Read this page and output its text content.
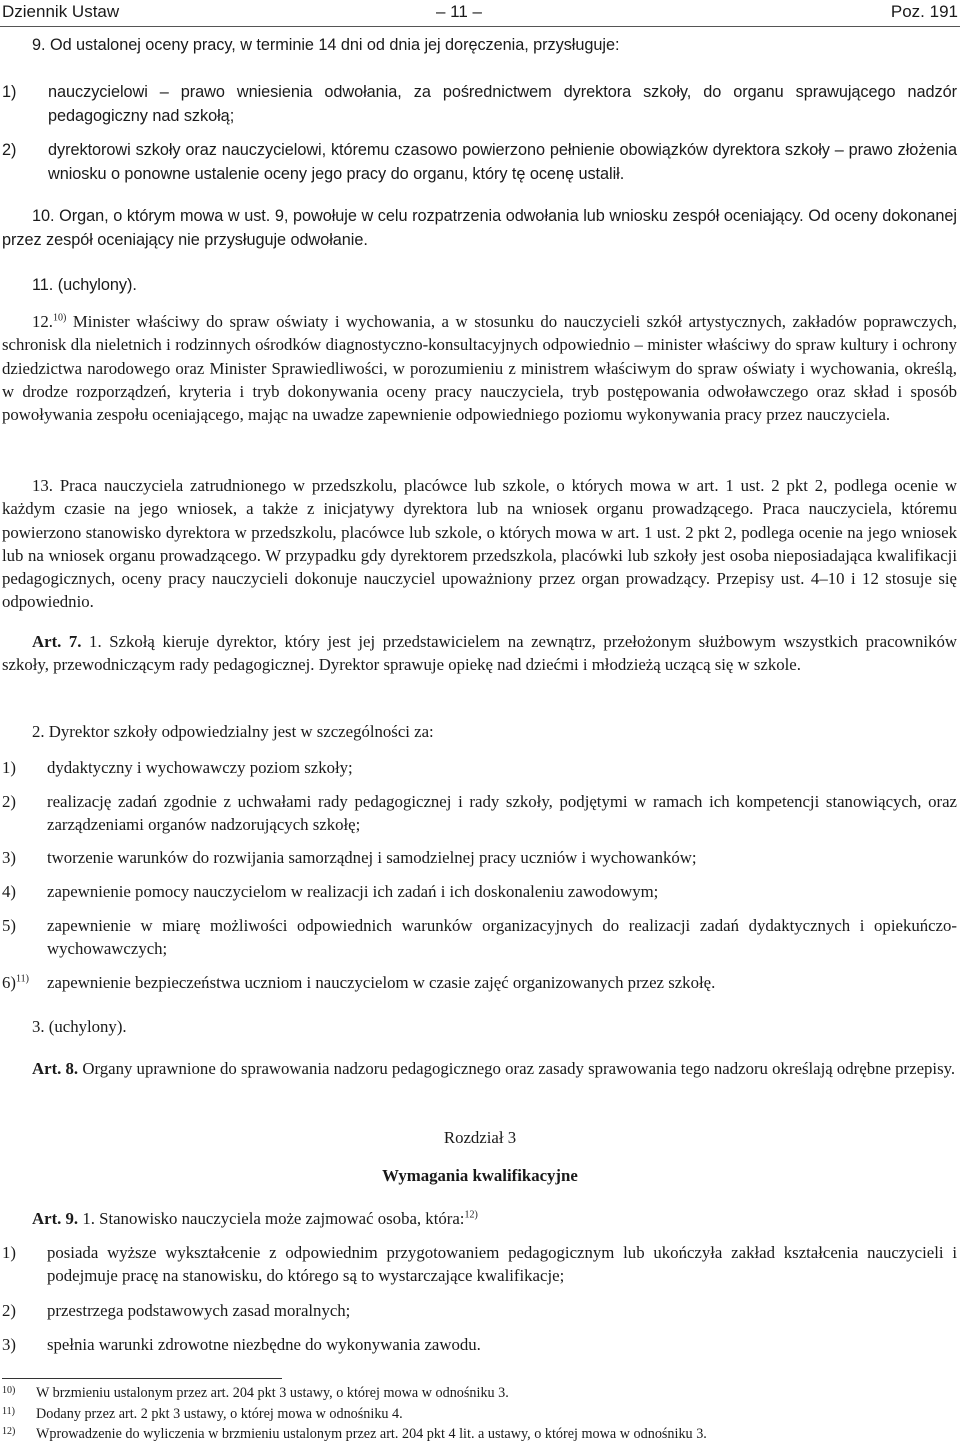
Dziennik Ustaw	– 11 –	Poz. 191
9. Od ustalonej oceny pracy, w terminie 14 dni od dnia jej doręczenia, przysługuje:
1) nauczycielowi – prawo wniesienia odwołania, za pośrednictwem dyrektora szkoły, do organu sprawującego nadzór pedagogiczny nad szkołą;
2) dyrektorowi szkoły oraz nauczycielowi, któremu czasowo powierzono pełnienie obowiązków dyrektora szkoły – prawo złożenia wniosku o ponowne ustalenie oceny jego pracy do organu, który tę ocenę ustalił.
10. Organ, o którym mowa w ust. 9, powołuje w celu rozpatrzenia odwołania lub wniosku zespół oceniający. Od oceny dokonanej przez zespół oceniający nie przysługuje odwołanie.
11. (uchylony).
12.$^{10)}$ Minister właściwy do spraw oświaty i wychowania, a w stosunku do nauczycieli szkół artystycznych, zakładów poprawczych, schronisk dla nieletnich i rodzinnych ośrodków diagnostyczno-konsultacyjnych odpowiednio – minister właściwy do spraw kultury i ochrony dziedzictwa narodowego oraz Minister Sprawiedliwości, w porozumieniu z ministrem właściwym do spraw oświaty i wychowania, określą, w drodze rozporządzeń, kryteria i tryb dokonywania oceny pracy nauczyciela, tryb postępowania odwoławczego oraz skład i sposób powoływania zespołu oceniającego, mając na uwadze zapewnienie odpowiedniego poziomu wykonywania pracy przez nauczyciela.
13. Praca nauczyciela zatrudnionego w przedszkolu, placówce lub szkole, o których mowa w art. 1 ust. 2 pkt 2, podlega ocenie w każdym czasie na jego wniosek, a także z inicjatywy dyrektora lub na wniosek organu prowadzącego. Praca nauczyciela, któremu powierzono stanowisko dyrektora w przedszkolu, placówce lub szkole, o których mowa w art. 1 ust. 2 pkt 2, podlega ocenie na jego wniosek lub na wniosek organu prowadzącego. W przypadku gdy dyrektorem przedszkola, placówki lub szkoły jest osoba nieposiadająca kwalifikacji pedagogicznych, oceny pracy nauczycieli dokonuje nauczyciel upoważniony przez organ prowadzący. Przepisy ust. 4–10 i 12 stosuje się odpowiednio.
Art. 7. 1. Szkołą kieruje dyrektor, który jest jej przedstawicielem na zewnątrz, przełożonym służbowym wszystkich pracowników szkoły, przewodniczącym rady pedagogicznej. Dyrektor sprawuje opiekę nad dziećmi i młodzieżą uczącą się w szkole.
2. Dyrektor szkoły odpowiedzialny jest w szczególności za:
1) dydaktyczny i wychowawczy poziom szkoły;
2) realizację zadań zgodnie z uchwałami rady pedagogicznej i rady szkoły, podjętymi w ramach ich kompetencji stanowiących, oraz zarządzeniami organów nadzorujących szkołę;
3) tworzenie warunków do rozwijania samorządnej i samodzielnej pracy uczniów i wychowanków;
4) zapewnienie pomocy nauczycielom w realizacji ich zadań i ich doskonaleniu zawodowym;
5) zapewnienie w miarę możliwości odpowiednich warunków organizacyjnych do realizacji zadań dydaktycznych i opiekuńczo-wychowawczych;
6)$^{11)}$ zapewnienie bezpieczeństwa uczniom i nauczycielom w czasie zajęć organizowanych przez szkołę.
3. (uchylony).
Art. 8. Organy uprawnione do sprawowania nadzoru pedagogicznego oraz zasady sprawowania tego nadzoru określają odrębne przepisy.
Rozdział 3
Wymagania kwalifikacyjne
Art. 9. 1. Stanowisko nauczyciela może zajmować osoba, która:$^{12)}$
1) posiada wyższe wykształcenie z odpowiednim przygotowaniem pedagogicznym lub ukończyła zakład kształcenia nauczycieli i podejmuje pracę na stanowisku, do którego są to wystarczające kwalifikacje;
2) przestrzega podstawowych zasad moralnych;
3) spełnia warunki zdrowotne niezbędne do wykonywania zawodu.
10) W brzmieniu ustalonym przez art. 204 pkt 3 ustawy, o której mowa w odnośniku 3.
11) Dodany przez art. 2 pkt 3 ustawy, o której mowa w odnośniku 4.
12) Wprowadzenie do wyliczenia w brzmieniu ustalonym przez art. 204 pkt 4 lit. a ustawy, o której mowa w odnośniku 3.
